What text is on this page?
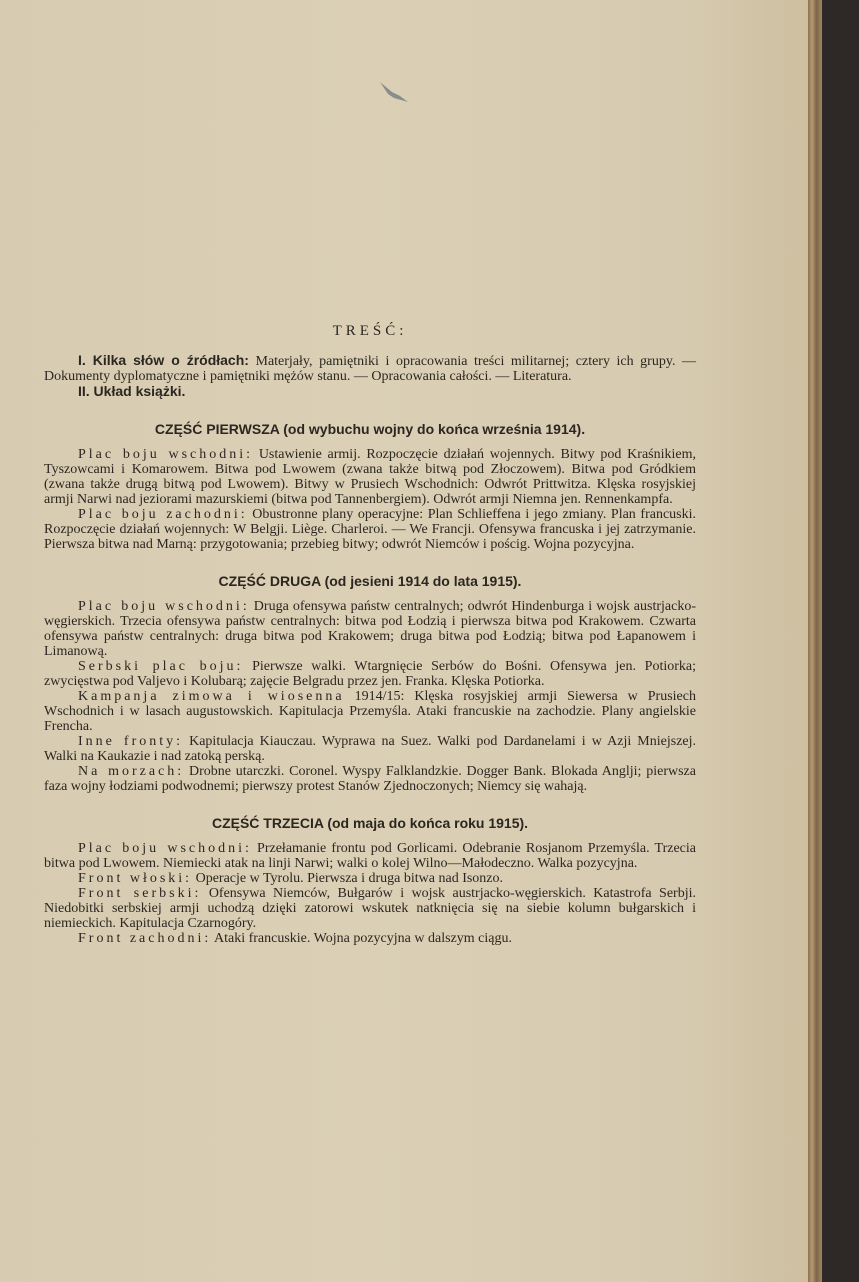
TREŚĆ:

I. Kilka słów o źródłach: Materjały, pamiętniki i opracowania treści militarnej; cztery ich grupy. — Dokumenty dyplomatyczne i pamiętniki mężów stanu. — Opracowania całości. — Literatura.

II. Układ książki.

CZĘŚĆ PIERWSZA (od wybuchu wojny do końca września 1914).

Plac boju wschodni: Ustawienie armij. Rozpoczęcie działań wojennych. Bitwy pod Kraśnikiem, Tyszowcami i Komarowem. Bitwa pod Lwowem (zwana także bitwą pod Złoczowem). Bitwa pod Gródkiem (zwana także drugą bitwą pod Lwowem). Bitwy w Prusiech Wschodnich: Odwrót Prittwitza. Klęska rosyjskiej armji Narwi nad jeziorami mazurskiemi (bitwa pod Tannenbergiem). Odwrót armji Niemna jen. Rennenkampfa.

Plac boju zachodni: Obustronne plany operacyjne: Plan Schlieffena i jego zmiany. Plan francuski. Rozpoczęcie działań wojennych: W Belgji. Liège. Charleroi. — We Francji. Ofensywa francuska i jej zatrzymanie. Pierwsza bitwa nad Marną: przygotowania; przebieg bitwy; odwrót Niemców i pościg. Wojna pozycyjna.

CZĘŚĆ DRUGA (od jesieni 1914 do lata 1915).

Plac boju wschodni: Druga ofensywa państw centralnych; odwrót Hindenburga i wojsk austrjacko-węgierskich. Trzecia ofensywa państw centralnych: bitwa pod Łodzią i pierwsza bitwa pod Krakowem. Czwarta ofensywa państw centralnych: druga bitwa pod Krakowem; druga bitwa pod Łodzią; bitwa pod Łapanowem i Limanową.

Serbski plac boju: Pierwsze walki. Wtargnięcie Serbów do Bośni. Ofensywa jen. Potiorka; zwycięstwa pod Valjevo i Kolubarą; zajęcie Belgradu przez jen. Franka. Klęska Potiorka.

Kampanja zimowa i wiosenna 1914/15: Klęska rosyjskiej armji Siewersa w Prusiech Wschodnich i w lasach augustowskich. Kapitulacja Przemyśla. Ataki francuskie na zachodzie. Plany angielskie Frencha.

Inne fronty: Kapitulacja Kiauczau. Wyprawa na Suez. Walki pod Dardanelami i w Azji Mniejszej. Walki na Kaukazie i nad zatoką perską.

Na morzach: Drobne utarczki. Coronel. Wyspy Falklandzkie. Dogger Bank. Blokada Anglji; pierwsza faza wojny łodziami podwodnemi; pierwszy protest Stanów Zjednoczonych; Niemcy się wahają.

CZĘŚĆ TRZECIA (od maja do końca roku 1915).

Plac boju wschodni: Przełamanie frontu pod Gorlicami. Odebranie Rosjanom Przemyśla. Trzecia bitwa pod Lwowem. Niemiecki atak na linji Narwi; walki o kolej Wilno—Małodeczno. Walka pozycyjna.

Front włoski: Operacje w Tyrolu. Pierwsza i druga bitwa nad Isonzo.

Front serbski: Ofensywa Niemców, Bułgarów i wojsk austrjacko-węgierskich. Katastrofa Serbji. Niedobitki serbskiej armji uchodzą dzięki zatorowi wskutek natknięcia się na siebie kolumn bułgarskich i niemieckich. Kapitulacja Czarnogóry.

Front zachodni: Ataki francuskie. Wojna pozycyjna w dalszym ciągu.
